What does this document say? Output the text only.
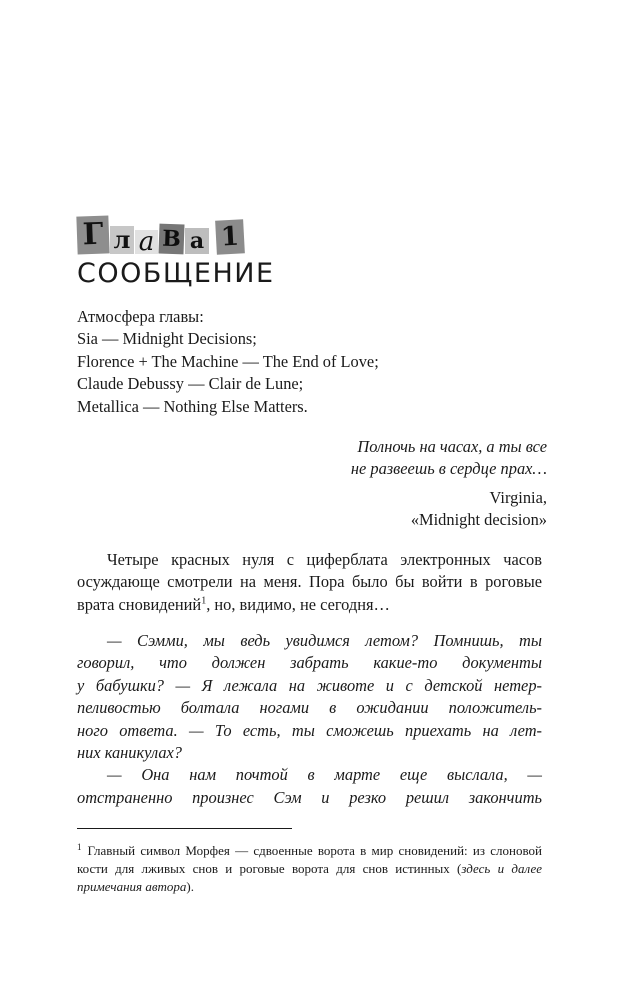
Г л а В а 1
СООБЩЕНИЕ
Атмосфера главы:
Sia — Midnight Decisions;
Florence + The Machine — The End of Love;
Claude Debussy — Clair de Lune;
Metallica — Nothing Else Matters.
Полночь на часах, а ты все
не развеешь в сердце прах…
Virginia,
«Midnight decision»
Четыре красных нуля с циферблата электронных часов осуждающе смотрели на меня. Пора было бы войти в роговые врата сновидений$^1$, но, видимо, не сегодня…
— Сэмми, мы ведь увидимся летом? Помнишь, ты
говорил, что должен забрать какие-то документы
у бабушки? — Я лежала на животе и с детской нетер-
пеливостью болтала ногами в ожидании положитель-
ного ответа. — То есть, ты сможешь приехать на лет-
них каникулах?
— Она нам почтой в марте еще выслала, —
отстраненно произнес Сэм и резко решил закончить
$^1$ Главный символ Морфея — сдвоенные ворота в мир сновидений: из слоновой кости для лживых снов и роговые ворота для снов истинных (здесь и далее примечания автора).
